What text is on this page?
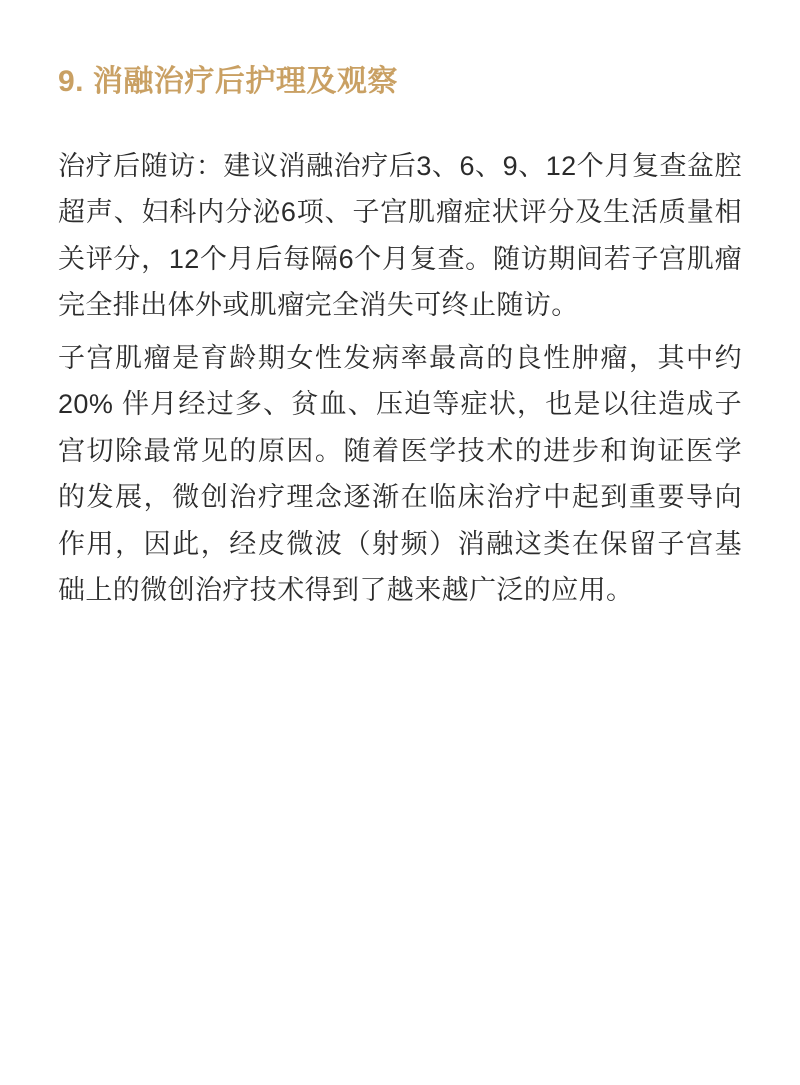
9. 消融治疗后护理及观察

治疗后随访：建议消融治疗后3、6、9、12个月复查盆腔超声、妇科内分泌6项、子宫肌瘤症状评分及生活质量相关评分，12个月后每隔6个月复查。随访期间若子宫肌瘤完全排出体外或肌瘤完全消失可终止随访。

子宫肌瘤是育龄期女性发病率最高的良性肿瘤，其中约 20% 伴月经过多、贫血、压迫等症状，也是以往造成子宫切除最常见的原因。随着医学技术的进步和询证医学的发展，微创治疗理念逐渐在临床治疗中起到重要导向作用，因此，经皮微波（射频）消融这类在保留子宫基础上的微创治疗技术得到了越来越广泛的应用。
